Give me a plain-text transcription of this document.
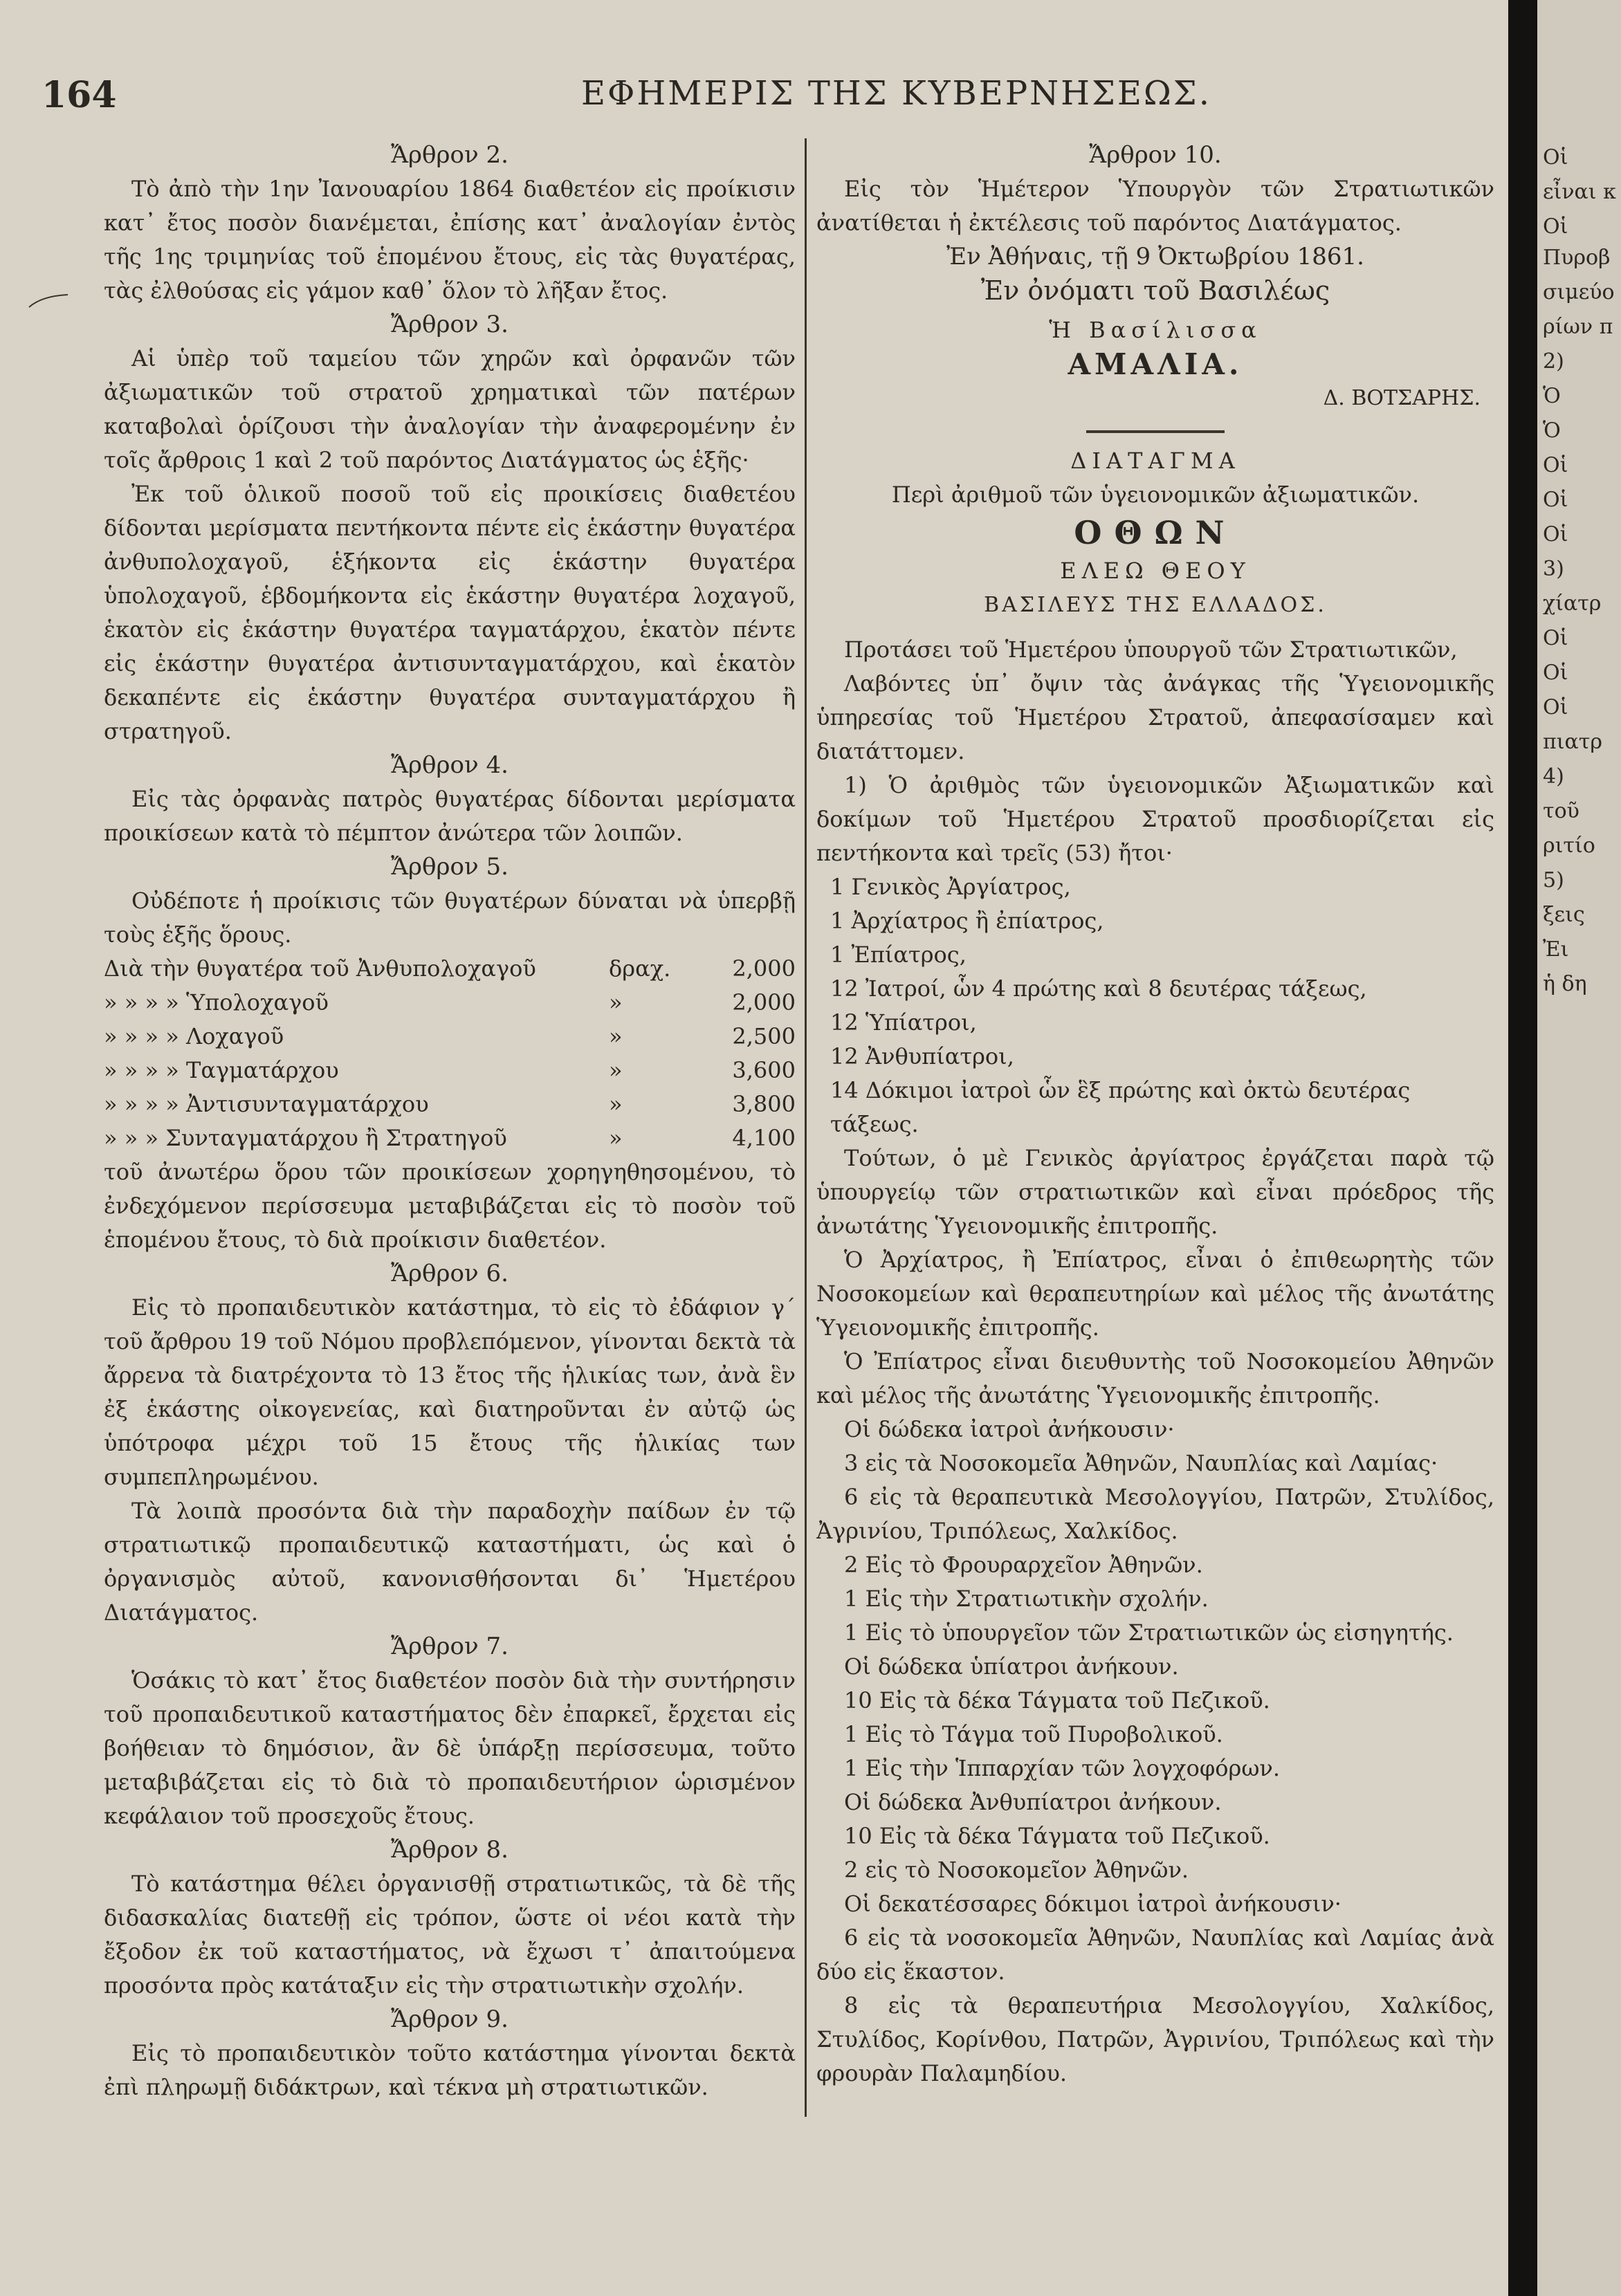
164	ΕΦΗΜΕΡΙΣ ΤΗΣ ΚΥΒΕΡΝΗΣΕΩΣ.

Ἄρθρον 2.

Τὸ ἀπὸ τὴν 1ην Ἰανουαρίου 1864 διαθετέον εἰς προίκισιν κατ᾽ ἔτος ποσὸν διανέμεται, ἐπίσης κατ᾽ ἀναλογίαν ἐντὸς τῆς 1ης τριμηνίας τοῦ ἑπομένου ἔτους, εἰς τὰς θυγατέρας, τὰς ἐλθούσας εἰς γάμον καθ᾽ ὅλον τὸ λῆξαν ἔτος.

Ἄρθρον 3.

Αἱ ὑπὲρ τοῦ ταμείου τῶν χηρῶν καὶ ὀρφανῶν τῶν ἀξιωματικῶν τοῦ στρατοῦ χρηματικαὶ τῶν πατέρων καταβολαὶ ὁρίζουσι τὴν ἀναλογίαν τὴν ἀναφερομένην ἐν τοῖς ἄρθροις 1 καὶ 2 τοῦ παρόντος Διατάγματος ὡς ἑξῆς·

Ἐκ τοῦ ὁλικοῦ ποσοῦ τοῦ εἰς προικίσεις διαθετέου δίδονται μερίσματα πεντήκοντα πέντε εἰς ἑκάστην θυγατέρα ἀνθυπολοχαγοῦ, ἑξήκοντα εἰς ἑκάστην θυγατέρα ὑπολοχαγοῦ, ἑβδομήκοντα εἰς ἑκάστην θυγατέρα λοχαγοῦ, ἑκατὸν εἰς ἑκάστην θυγατέρα ταγματάρχου, ἑκατὸν πέντε εἰς ἑκάστην θυγατέρα ἀντισυνταγματάρχου, καὶ ἑκατὸν δεκαπέντε εἰς ἑκάστην θυγατέρα συνταγματάρχου ἢ στρατηγοῦ.

Ἄρθρον 4.

Εἰς τὰς ὀρφανὰς πατρὸς θυγατέρας δίδονται μερίσματα προικίσεων κατὰ τὸ πέμπτον ἀνώτερα τῶν λοιπῶν.

Ἄρθρον 5.

Οὐδέποτε ἡ προίκισις τῶν θυγατέρων δύναται νὰ ὑπερβῇ τοὺς ἑξῆς ὅρους.

Διὰ τὴν θυγατέρα τοῦ Ἀνθυπολοχαγοῦ	δραχ.	2,000
» » » » Ὑπολοχαγοῦ	»	2,000
» » » » Λοχαγοῦ	»	2,500
» » » » Ταγματάρχου	»	3,600
» » » » Ἀντισυνταγματάρχου	»	3,800
» » » Συνταγματάρχου ἢ Στρατηγοῦ	»	4,100

τοῦ ἀνωτέρω ὅρου τῶν προικίσεων χορηγηθησομένου, τὸ ἐνδεχόμενον περίσσευμα μεταβιβάζεται εἰς τὸ ποσὸν τοῦ ἑπομένου ἔτους, τὸ διὰ προίκισιν διαθετέον.

Ἄρθρον 6.

Εἰς τὸ προπαιδευτικὸν κατάστημα, τὸ εἰς τὸ ἐδάφιον γ´ τοῦ ἄρθρου 19 τοῦ Νόμου προβλεπόμενον, γίνονται δεκτὰ τὰ ἄρρενα τὰ διατρέχοντα τὸ 13 ἔτος τῆς ἡλικίας των, ἀνὰ ἓν ἐξ ἑκάστης οἰκογενείας, καὶ διατηροῦνται ἐν αὐτῷ ὡς ὑπότροφα μέχρι τοῦ 15 ἔτους τῆς ἡλικίας των συμπεπληρωμένου.

Τὰ λοιπὰ προσόντα διὰ τὴν παραδοχὴν παίδων ἐν τῷ στρατιωτικῷ προπαιδευτικῷ καταστήματι, ὡς καὶ ὁ ὀργανισμὸς αὐτοῦ, κανονισθήσονται δι᾽ Ἡμετέρου Διατάγματος.

Ἄρθρον 7.

Ὁσάκις τὸ κατ᾽ ἔτος διαθετέον ποσὸν διὰ τὴν συντήρησιν τοῦ προπαιδευτικοῦ καταστήματος δὲν ἐπαρκεῖ, ἔρχεται εἰς βοήθειαν τὸ δημόσιον, ἂν δὲ ὑπάρξῃ περίσσευμα, τοῦτο μεταβιβάζεται εἰς τὸ διὰ τὸ προπαιδευτήριον ὡρισμένον κεφάλαιον τοῦ προσεχοῦς ἔτους.

Ἄρθρον 8.

Τὸ κατάστημα θέλει ὀργανισθῇ στρατιωτικῶς, τὰ δὲ τῆς διδασκαλίας διατεθῇ εἰς τρόπον, ὥστε οἱ νέοι κατὰ τὴν ἔξοδον ἐκ τοῦ καταστήματος, νὰ ἔχωσι τ᾽ ἀπαιτούμενα προσόντα πρὸς κατάταξιν εἰς τὴν στρατιωτικὴν σχολήν.

Ἄρθρον 9.

Εἰς τὸ προπαιδευτικὸν τοῦτο κατάστημα γίνονται δεκτὰ ἐπὶ πληρωμῇ διδάκτρων, καὶ τέκνα μὴ στρατιωτικῶν.

Ἄρθρον 10.

Εἰς τὸν Ἡμέτερον Ὑπουργὸν τῶν Στρατιωτικῶν ἀνατίθεται ἡ ἐκτέλεσις τοῦ παρόντος Διατάγματος.

Ἐν Ἀθήναις, τῇ 9 Ὀκτωβρίου 1861.

Ἐν ὀνόματι τοῦ Βασιλέως

Ἡ Βασίλισσα

ΑΜΑΛΙΑ.

Δ. ΒΟΤΣΑΡΗΣ.

ΔΙΑΤΑΓΜΑ

Περὶ ἀριθμοῦ τῶν ὑγειονομικῶν ἀξιωματικῶν.

ΟΘΩΝ

ΕΛΕΩ ΘΕΟΥ

ΒΑΣΙΛΕΥΣ ΤΗΣ ΕΛΛΑΔΟΣ.

Προτάσει τοῦ Ἡμετέρου ὑπουργοῦ τῶν Στρατιωτικῶν,

Λαβόντες ὑπ᾽ ὄψιν τὰς ἀνάγκας τῆς Ὑγειονομικῆς ὑπηρεσίας τοῦ Ἡμετέρου Στρατοῦ, ἀπεφασίσαμεν καὶ διατάττομεν.

1) Ὁ ἀριθμὸς τῶν ὑγειονομικῶν Ἀξιωματικῶν καὶ δοκίμων τοῦ Ἡμετέρου Στρατοῦ προσδιορίζεται εἰς πεντήκοντα καὶ τρεῖς (53) ἤτοι·

1 Γενικὸς Ἀργίατρος,

1 Ἀρχίατρος ἢ ἐπίατρος,

1 Ἐπίατρος,

12 Ἰατροί, ὧν 4 πρώτης καὶ 8 δευτέρας τάξεως,

12 Ὑπίατροι,

12 Ἀνθυπίατροι,

14 Δόκιμοι ἰατροὶ ὧν ἓξ πρώτης καὶ ὀκτὼ δευτέρας τάξεως.

Τούτων, ὁ μὲ Γενικὸς ἀργίατρος ἐργάζεται παρὰ τῷ ὑπουργείῳ τῶν στρατιωτικῶν καὶ εἶναι πρόεδρος τῆς ἀνωτάτης Ὑγειονομικῆς ἐπιτροπῆς.

Ὁ Ἀρχίατρος, ἢ Ἐπίατρος, εἶναι ὁ ἐπιθεωρητὴς τῶν Νοσοκομείων καὶ θεραπευτηρίων καὶ μέλος τῆς ἀνωτάτης Ὑγειονομικῆς ἐπιτροπῆς.

Ὁ Ἐπίατρος εἶναι διευθυντὴς τοῦ Νοσοκομείου Ἀθηνῶν καὶ μέλος τῆς ἀνωτάτης Ὑγειονομικῆς ἐπιτροπῆς.

Οἱ δώδεκα ἰατροὶ ἀνήκουσιν·

3 εἰς τὰ Νοσοκομεῖα Ἀθηνῶν, Ναυπλίας καὶ Λαμίας·

6 εἰς τὰ θεραπευτικὰ Μεσολογγίου, Πατρῶν, Στυλίδος, Ἀγρινίου, Τριπόλεως, Χαλκίδος.

2 Εἰς τὸ Φρουραρχεῖον Ἀθηνῶν.

1 Εἰς τὴν Στρατιωτικὴν σχολήν.

1 Εἰς τὸ ὑπουργεῖον τῶν Στρατιωτικῶν ὡς εἰσηγητής.

Οἱ δώδεκα ὑπίατροι ἀνήκουν.

10 Εἰς τὰ δέκα Τάγματα τοῦ Πεζικοῦ.

1 Εἰς τὸ Τάγμα τοῦ Πυροβολικοῦ.

1 Εἰς τὴν Ἱππαρχίαν τῶν λογχοφόρων.

Οἱ δώδεκα Ἀνθυπίατροι ἀνήκουν.

10 Εἰς τὰ δέκα Τάγματα τοῦ Πεζικοῦ.

2 εἰς τὸ Νοσοκομεῖον Ἀθηνῶν.

Οἱ δεκατέσσαρες δόκιμοι ἰατροὶ ἀνήκουσιν·

6 εἰς τὰ νοσοκομεῖα Ἀθηνῶν, Ναυπλίας καὶ Λαμίας ἀνὰ δύο εἰς ἕκαστον.

8 εἰς τὰ θεραπευτήρια Μεσολογγίου, Χαλκίδος, Στυλίδος, Κορίνθου, Πατρῶν, Ἀγρινίου, Τριπόλεως καὶ τὴν φρουρὰν Παλαμηδίου.

Οἱ
εἶναι κ
Οἱ
Πυροβ
σιμεύο
ρίων π
2)
Ὁ
Ὁ
Οἱ
Οἱ
Οἱ
3)
χίατρ
Οἱ
Οἱ
Οἱ
πιατρ
4)
τοῦ
ριτίο
5)
ξεις
Ἐι
ἡ δη
